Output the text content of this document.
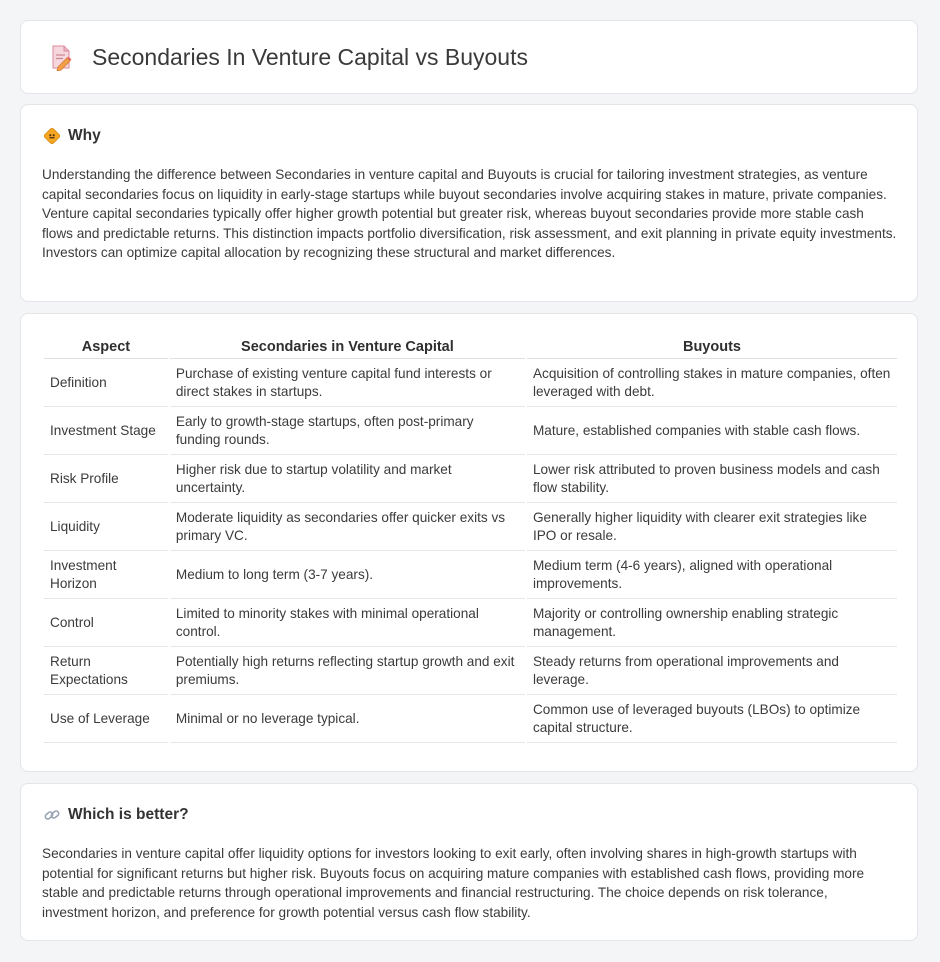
Secondaries In Venture Capital vs Buyouts
Why

Understanding the difference between Secondaries in venture capital and Buyouts is crucial for tailoring investment strategies, as venture capital secondaries focus on liquidity in early-stage startups while buyout secondaries involve acquiring stakes in mature, private companies. Venture capital secondaries typically offer higher growth potential but greater risk, whereas buyout secondaries provide more stable cash flows and predictable returns. This distinction impacts portfolio diversification, risk assessment, and exit planning in private equity investments. Investors can optimize capital allocation by recognizing these structural and market differences.

Aspect	Secondaries in Venture Capital	Buyouts
Definition	Purchase of existing venture capital fund interests or direct stakes in startups.	Acquisition of controlling stakes in mature companies, often leveraged with debt.
Investment Stage	Early to growth-stage startups, often post-primary funding rounds.	Mature, established companies with stable cash flows.
Risk Profile	Higher risk due to startup volatility and market uncertainty.	Lower risk attributed to proven business models and cash flow stability.
Liquidity	Moderate liquidity as secondaries offer quicker exits vs primary VC.	Generally higher liquidity with clearer exit strategies like IPO or resale.
Investment Horizon	Medium to long term (3-7 years).	Medium term (4-6 years), aligned with operational improvements.
Control	Limited to minority stakes with minimal operational control.	Majority or controlling ownership enabling strategic management.
Return Expectations	Potentially high returns reflecting startup growth and exit premiums.	Steady returns from operational improvements and leverage.
Use of Leverage	Minimal or no leverage typical.	Common use of leveraged buyouts (LBOs) to optimize capital structure.
Which is better?

Secondaries in venture capital offer liquidity options for investors looking to exit early, often involving shares in high-growth startups with potential for significant returns but higher risk. Buyouts focus on acquiring mature companies with established cash flows, providing more stable and predictable returns through operational improvements and financial restructuring. The choice depends on risk tolerance, investment horizon, and preference for growth potential versus cash flow stability.
